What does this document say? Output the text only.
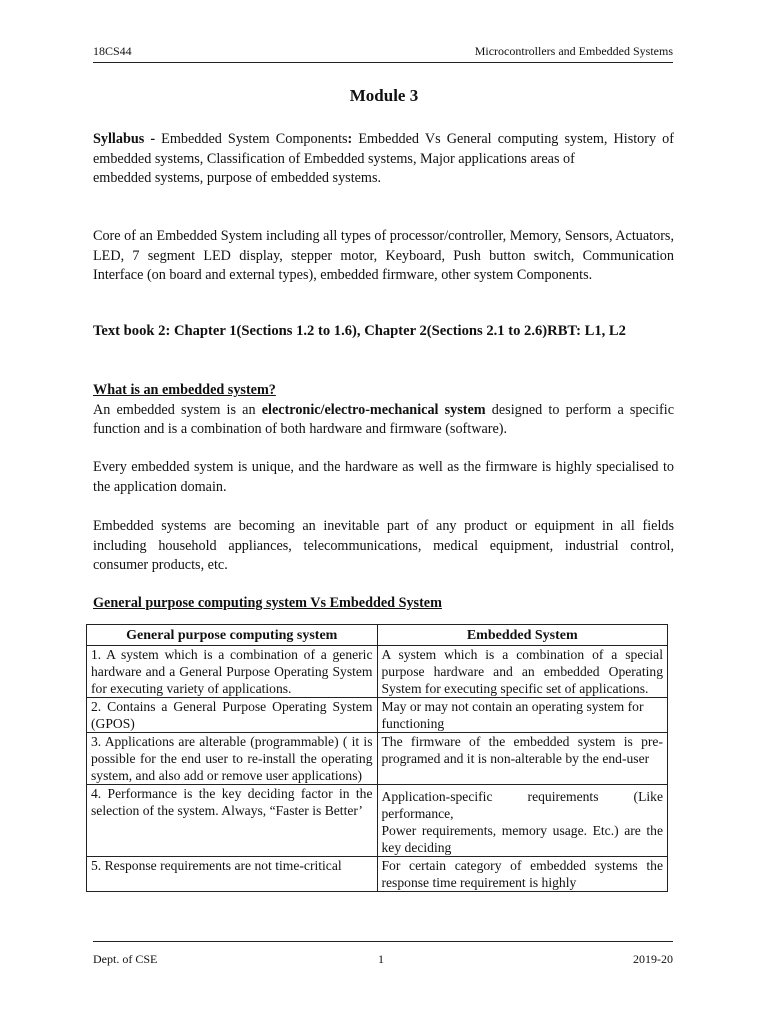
18CS44	Microcontrollers and Embedded Systems
Module 3
Syllabus - Embedded System Components: Embedded Vs General computing system, History of embedded systems, Classification of Embedded systems, Major applications areas of
embedded systems, purpose of embedded systems.
Core of an Embedded System including all types of processor/controller, Memory, Sensors, Actuators, LED, 7 segment LED display, stepper motor, Keyboard, Push button switch, Communication Interface (on board and external types), embedded firmware, other system Components.
Text book 2: Chapter 1(Sections 1.2 to 1.6), Chapter 2(Sections 2.1 to 2.6)RBT: L1, L2
What is an embedded system?
An embedded system is an electronic/electro-mechanical system designed to perform a specific function and is a combination of both hardware and firmware (software).
Every embedded system is unique, and the hardware as well as the firmware is highly specialised to the application domain.
Embedded systems are becoming an inevitable part of any product or equipment in all fields including household appliances, telecommunications, medical equipment, industrial control, consumer products, etc.
General purpose computing system Vs Embedded System
General purpose computing system	Embedded System
1. A system which is a combination of a generic hardware and a General Purpose Operating System for executing variety of applications.	A system which is a combination of a special purpose hardware and an embedded Operating System for executing specific set of applications.
2. Contains a General Purpose Operating System (GPOS)	May or may not contain an operating system for functioning
3. Applications are alterable (programmable) ( it is possible for the end user to re-install the operating system, and also add or remove user applications)	The firmware of the embedded system is pre-programed and it is non-alterable by the end-user
4. Performance is the key deciding factor in the selection of the system. Always, “Faster is Better’	Application-specific requirements (Like performance,
Power requirements, memory usage. Etc.) are the key deciding

5. Response requirements are not time-critical	For certain category of embedded systems the response time requirement is highly
Dept. of CSE	1	2019-20
